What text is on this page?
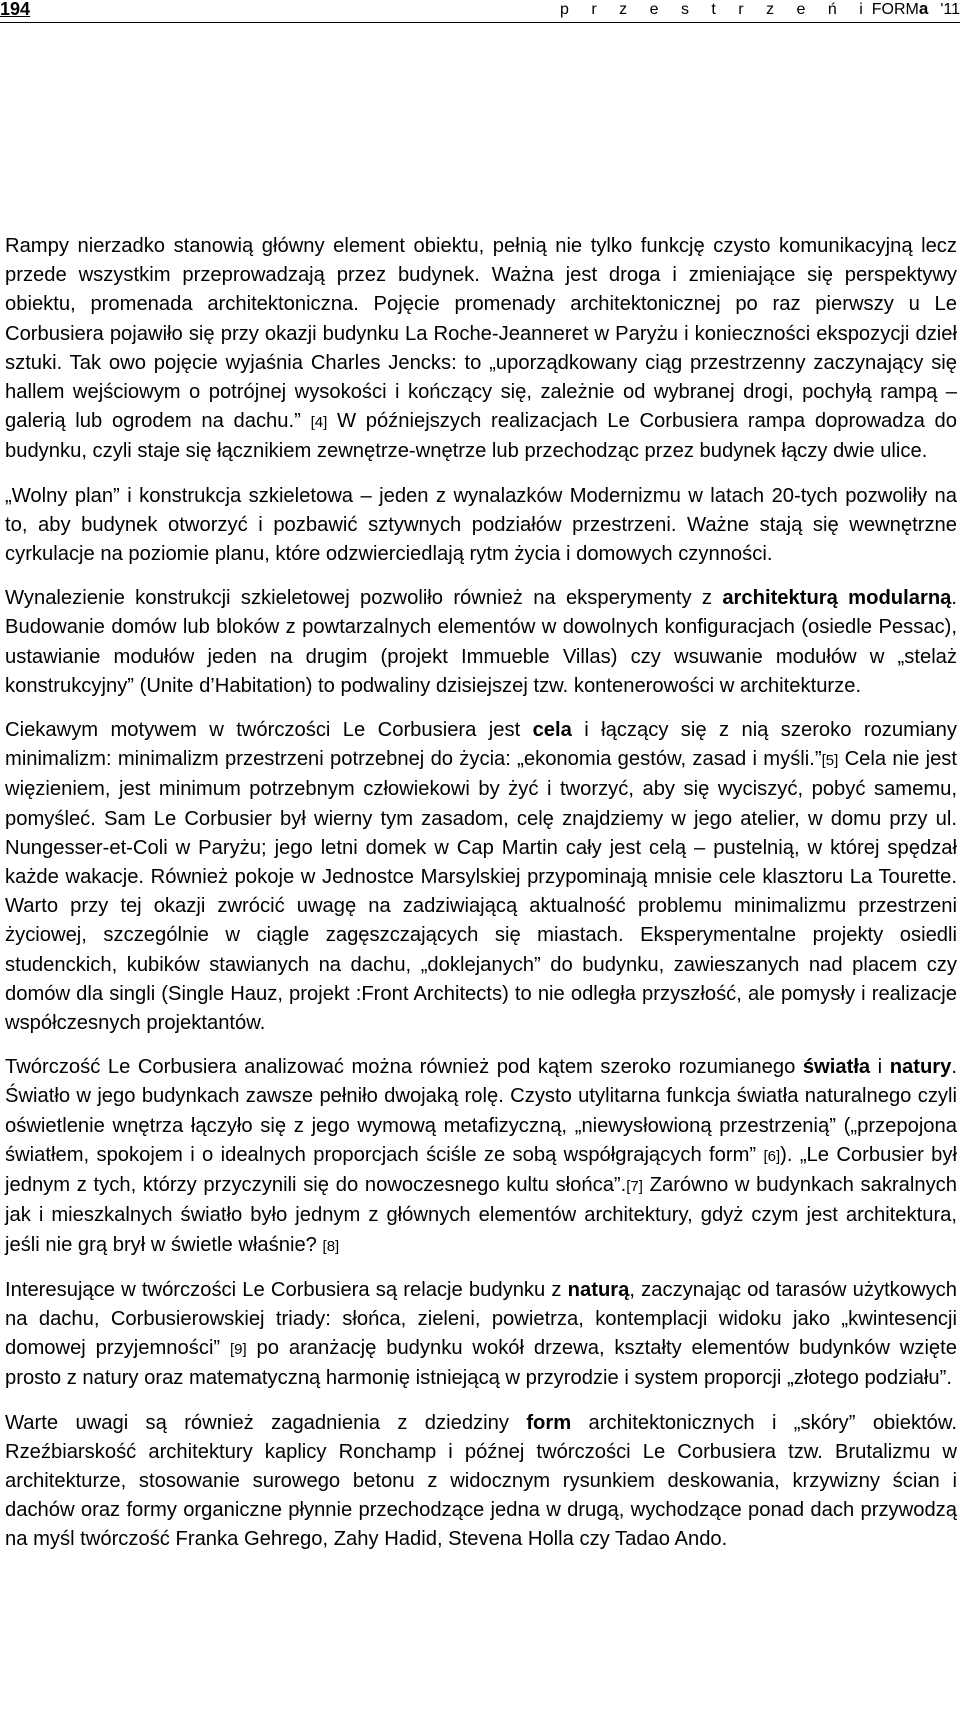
194	p r z e s t r z e ń iFORMa '11

Rampy nierzadko stanowią główny element obiektu, pełnią nie tylko funkcję czysto komunikacyjną lecz przede wszystkim przeprowadzają przez budynek. Ważna jest droga i zmieniające się perspektywy obiektu, promenada architektoniczna. Pojęcie promenady architektonicznej po raz pierwszy u Le Corbusiera pojawiło się przy okazji budynku La Roche-Jeanneret w Paryżu i konieczności ekspozycji dzieł sztuki. Tak owo pojęcie wyjaśnia Charles Jencks: to „uporządkowany ciąg przestrzenny zaczynający się hallem wejściowym o potrójnej wysokości i kończący się, zależnie od wybranej drogi, pochyłą rampą – galerią lub ogrodem na dachu.” [4] W późniejszych realizacjach Le Corbusiera rampa doprowadza do budynku, czyli staje się łącznikiem zewnętrze-wnętrze lub przechodząc przez budynek łączy dwie ulice.

„Wolny plan” i konstrukcja szkieletowa – jeden z wynalazków Modernizmu w latach 20-tych pozwoliły na to, aby budynek otworzyć i pozbawić sztywnych podziałów przestrzeni. Ważne stają się wewnętrzne cyrkulacje na poziomie planu, które odzwierciedlają rytm życia i domowych czynności.

Wynalezienie konstrukcji szkieletowej pozwoliło również na eksperymenty z architekturą modularną. Budowanie domów lub bloków z powtarzalnych elementów w dowolnych konfiguracjach (osiedle Pessac), ustawianie modułów jeden na drugim (projekt Immueble Villas) czy wsuwanie modułów w „stelaż konstrukcyjny” (Unite d’Habitation) to podwaliny dzisiejszej tzw. kontenerowości w architekturze.

Ciekawym motywem w twórczości Le Corbusiera jest cela i łączący się z nią szeroko rozumiany minimalizm: minimalizm przestrzeni potrzebnej do życia: „ekonomia gestów, zasad i myśli.”[5] Cela nie jest więzieniem, jest minimum potrzebnym człowiekowi by żyć i tworzyć, aby się wyciszyć, pobyć samemu, pomyśleć. Sam Le Corbusier był wierny tym zasadom, celę znajdziemy w jego atelier, w domu przy ul. Nungesser-et-Coli w Paryżu; jego letni domek w Cap Martin cały jest celą – pustelnią, w której spędzał każde wakacje. Również pokoje w Jednostce Marsylskiej przypominają mnisie cele klasztoru La Tourette. Warto przy tej okazji zwrócić uwagę na zadziwiającą aktualność problemu minimalizmu przestrzeni życiowej, szczególnie w ciągle zagęszczających się miastach. Eksperymentalne projekty osiedli studenckich, kubików stawianych na dachu, „doklejanych” do budynku, zawieszanych nad placem czy domów dla singli (Single Hauz, projekt :Front Architects) to nie odległa przyszłość, ale pomysły i realizacje współczesnych projektantów.

Twórczość Le Corbusiera analizować można również pod kątem szeroko rozumianego światła i natury. Światło w jego budynkach zawsze pełniło dwojaką rolę. Czysto utylitarna funkcja światła naturalnego czyli oświetlenie wnętrza łączyło się z jego wymową metafizyczną, „niewysłowioną przestrzenią” („przepojona światłem, spokojem i o idealnych proporcjach ściśle ze sobą współgrających form” [6]). „Le Corbusier był jednym z tych, którzy przyczynili się do nowoczesnego kultu słońca”.[7] Zarówno w budynkach sakralnych jak i mieszkalnych światło było jednym z głównych elementów architektury, gdyż czym jest architektura, jeśli nie grą brył w świetle właśnie? [8]

Interesujące w twórczości Le Corbusiera są relacje budynku z naturą, zaczynając od tarasów użytkowych na dachu, Corbusierowskiej triady: słońca, zieleni, powietrza, kontemplacji widoku jako „kwintesencji domowej przyjemności” [9] po aranżację budynku wokół drzewa, kształty elementów budynków wzięte prosto z natury oraz matematyczną harmonię istniejącą w przyrodzie i system proporcji „złotego podziału”.

Warte uwagi są również zagadnienia z dziedziny form architektonicznych i „skóry” obiektów. Rzeźbiarskość architektury kaplicy Ronchamp i późnej twórczości Le Corbusiera tzw. Brutalizmu w architekturze, stosowanie surowego betonu z widocznym rysunkiem deskowania, krzywizny ścian i dachów oraz formy organiczne płynnie przechodzące jedna w drugą, wychodzące ponad dach przywodzą na myśl twórczość Franka Gehrego, Zahy Hadid, Stevena Holla czy Tadao Ando.
